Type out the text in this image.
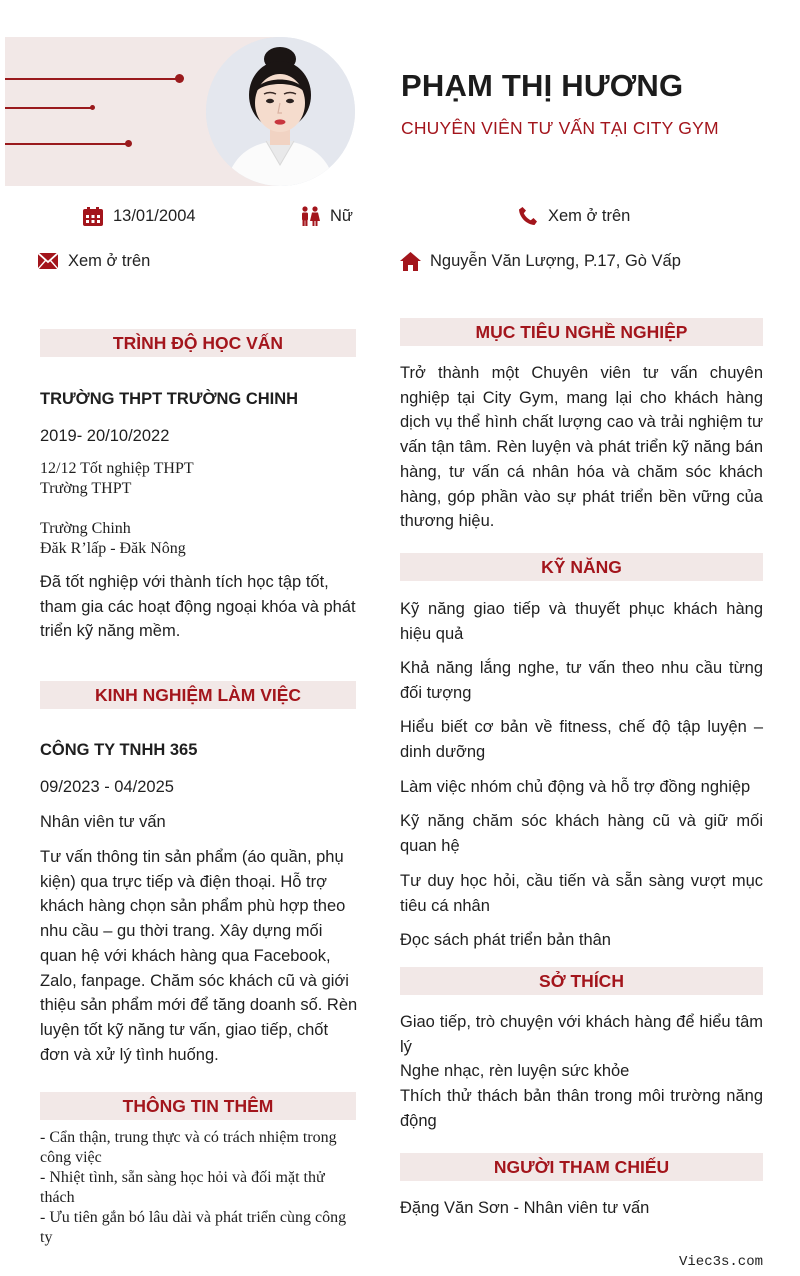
PHẠM THỊ HƯƠNG
CHUYÊN VIÊN TƯ VẤN TẠI CITY GYM
13/01/2004	Nữ	Xem ở trên
Xem ở trên	Nguyễn Văn Lượng, P.17, Gò Vấp
TRÌNH ĐỘ HỌC VẤN
TRƯỜNG THPT TRƯỜNG CHINH
2019- 20/10/2022
12/12 Tốt nghiệp THPT
Trường THPT
Trường Chinh
Đăk R’lấp - Đăk Nông
Đã tốt nghiệp với thành tích học tập tốt, tham gia các hoạt động ngoại khóa và phát triển kỹ năng mềm.
KINH NGHIỆM LÀM VIỆC
CÔNG TY TNHH 365
09/2023 - 04/2025
Nhân viên tư vấn
Tư vấn thông tin sản phẩm (áo quần, phụ kiện) qua trực tiếp và điện thoại. Hỗ trợ khách hàng chọn sản phẩm phù hợp theo nhu cầu – gu thời trang. Xây dựng mối quan hệ với khách hàng qua Facebook, Zalo, fanpage. Chăm sóc khách cũ và giới thiệu sản phẩm mới để tăng doanh số. Rèn luyện tốt kỹ năng tư vấn, giao tiếp, chốt đơn và xử lý tình huống.
THÔNG TIN THÊM
- Cẩn thận, trung thực và có trách nhiệm trong công việc
- Nhiệt tình, sẵn sàng học hỏi và đối mặt thử thách
- Ưu tiên gắn bó lâu dài và phát triển cùng công ty
MỤC TIÊU NGHỀ NGHIỆP
Trở thành một Chuyên viên tư vấn chuyên nghiệp tại City Gym, mang lại cho khách hàng dịch vụ thể hình chất lượng cao và trải nghiệm tư vấn tận tâm. Rèn luyện và phát triển kỹ năng bán hàng, tư vấn cá nhân hóa và chăm sóc khách hàng, góp phần vào sự phát triển bền vững của thương hiệu.
KỸ NĂNG
Kỹ năng giao tiếp và thuyết phục khách hàng hiệu quả
Khả năng lắng nghe, tư vấn theo nhu cầu từng đối tượng
Hiểu biết cơ bản về fitness, chế độ tập luyện – dinh dưỡng
Làm việc nhóm chủ động và hỗ trợ đồng nghiệp
Kỹ năng chăm sóc khách hàng cũ và giữ mối quan hệ
Tư duy học hỏi, cầu tiến và sẵn sàng vượt mục tiêu cá nhân
Đọc sách phát triển bản thân
SỞ THÍCH
Giao tiếp, trò chuyện với khách hàng để hiểu tâm lý
Nghe nhạc, rèn luyện sức khỏe
Thích thử thách bản thân trong môi trường năng động
NGƯỜI THAM CHIẾU
Đặng Văn Sơn - Nhân viên tư vấn
Viec3s.com
